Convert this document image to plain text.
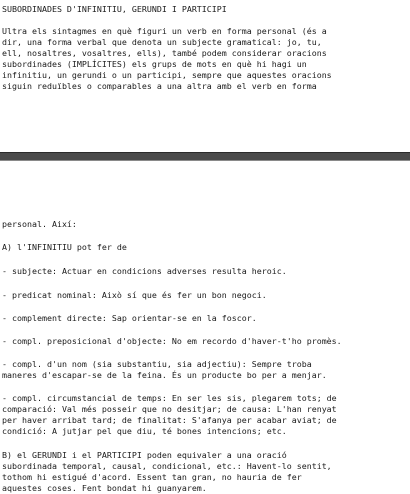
SUBORDINADES D'INFINITIU, GERUNDI I PARTICIPI

Ultra els sintagmes en què figuri un verb en forma personal (és a
dir, una forma verbal que denota un subjecte gramatical: jo, tu,
ell, nosaltres, vosaltres, ells), també podem considerar oracions
subordinades (IMPLÍCITES) els grups de mots en què hi hagi un
infinitiu, un gerundi o un participi, sempre que aquestes oracions
siguin reduïbles o comparables a una altra amb el verb en forma

personal. Així:

A) l'INFINITIU pot fer de

- subjecte: Actuar en condicions adverses resulta heroic.

- predicat nominal: Això sí que és fer un bon negoci.

- complement directe: Sap orientar-se en la foscor.

- compl. preposicional d'objecte: No em recordo d'haver-t'ho promès.

- compl. d'un nom (sia substantiu, sia adjectiu): Sempre troba
maneres d'escapar-se de la feina. És un producte bo per a menjar.

- compl. circumstancial de temps: En ser les sis, plegarem tots; de
comparació: Val més posseir que no desitjar; de causa: L'han renyat
per haver arribat tard; de finalitat: S'afanya per acabar aviat; de
condició: A jutjar pel que diu, té bones intencions; etc.

B) el GERUNDI i el PARTICIPI poden equivaler a una oració
subordinada temporal, causal, condicional, etc.: Havent-lo sentit,
tothom hi estigué d'acord. Essent tan gran, no hauria de fer
aquestes coses. Fent bondat hi guanyarem.
